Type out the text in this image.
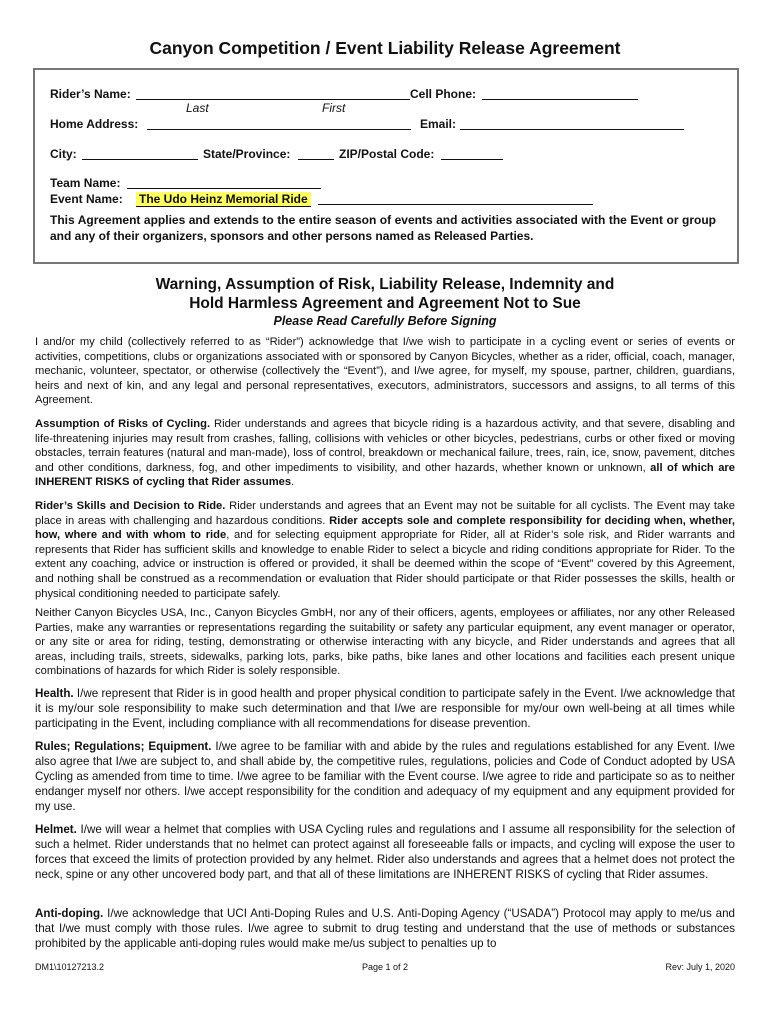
Canyon Competition / Event Liability Release Agreement
Rider’s Name:	Cell Phone:
Last	First
Home Address:	Email:
City:	State/Province:	ZIP/Postal Code:
Team Name:
Event Name: The Udo Heinz Memorial Ride
This Agreement applies and extends to the entire season of events and activities associated with the Event or group and any of their organizers, sponsors and other persons named as Released Parties.
Warning, Assumption of Risk, Liability Release, Indemnity and
Hold Harmless Agreement and Agreement Not to Sue
Please Read Carefully Before Signing
I and/or my child (collectively referred to as “Rider”) acknowledge that I/we wish to participate in a cycling event or series of events or activities, competitions, clubs or organizations associated with or sponsored by Canyon Bicycles, whether as a rider, official, coach, manager, mechanic, volunteer, spectator, or otherwise (collectively the “Event”), and I/we agree, for myself, my spouse, partner, children, guardians, heirs and next of kin, and any legal and personal representatives, executors, administrators, successors and assigns, to all terms of this Agreement.
Assumption of Risks of Cycling. Rider understands and agrees that bicycle riding is a hazardous activity, and that severe, disabling and life-threatening injuries may result from crashes, falling, collisions with vehicles or other bicycles, pedestrians, curbs or other fixed or moving obstacles, terrain features (natural and man-made), loss of control, breakdown or mechanical failure, trees, rain, ice, snow, pavement, ditches and other conditions, darkness, fog, and other impediments to visibility, and other hazards, whether known or unknown, all of which are INHERENT RISKS of cycling that Rider assumes.
Rider’s Skills and Decision to Ride. Rider understands and agrees that an Event may not be suitable for all cyclists. The Event may take place in areas with challenging and hazardous conditions. Rider accepts sole and complete responsibility for deciding when, whether, how, where and with whom to ride, and for selecting equipment appropriate for Rider, all at Rider’s sole risk, and Rider warrants and represents that Rider has sufficient skills and knowledge to enable Rider to select a bicycle and riding conditions appropriate for Rider. To the extent any coaching, advice or instruction is offered or provided, it shall be deemed within the scope of “Event” covered by this Agreement, and nothing shall be construed as a recommendation or evaluation that Rider should participate or that Rider possesses the skills, health or physical conditioning needed to participate safely.
Neither Canyon Bicycles USA, Inc., Canyon Bicycles GmbH, nor any of their officers, agents, employees or affiliates, nor any other Released Parties, make any warranties or representations regarding the suitability or safety any particular equipment, any event manager or operator, or any site or area for riding, testing, demonstrating or otherwise interacting with any bicycle, and Rider understands and agrees that all areas, including trails, streets, sidewalks, parking lots, parks, bike paths, bike lanes and other locations and facilities each present unique combinations of hazards for which Rider is solely responsible.
Health. I/we represent that Rider is in good health and proper physical condition to participate safely in the Event. I/we acknowledge that it is my/our sole responsibility to make such determination and that I/we are responsible for my/our own well-being at all times while participating in the Event, including compliance with all recommendations for disease prevention.
Rules; Regulations; Equipment. I/we agree to be familiar with and abide by the rules and regulations established for any Event. I/we also agree that I/we are subject to, and shall abide by, the competitive rules, regulations, policies and Code of Conduct adopted by USA Cycling as amended from time to time. I/we agree to be familiar with the Event course. I/we agree to ride and participate so as to neither endanger myself nor others. I/we accept responsibility for the condition and adequacy of my equipment and any equipment provided for my use.
Helmet. I/we will wear a helmet that complies with USA Cycling rules and regulations and I assume all responsibility for the selection of such a helmet. Rider understands that no helmet can protect against all foreseeable falls or impacts, and cycling will expose the user to forces that exceed the limits of protection provided by any helmet. Rider also understands and agrees that a helmet does not protect the neck, spine or any other uncovered body part, and that all of these limitations are INHERENT RISKS of cycling that Rider assumes.
Anti-doping. I/we acknowledge that UCI Anti-Doping Rules and U.S. Anti-Doping Agency (“USADA”) Protocol may apply to me/us and that I/we must comply with those rules. I/we agree to submit to drug testing and understand that the use of methods or substances prohibited by the applicable anti-doping rules would make me/us subject to penalties up to
DM1\10127213.2	Page 1 of 2	Rev: July 1, 2020
